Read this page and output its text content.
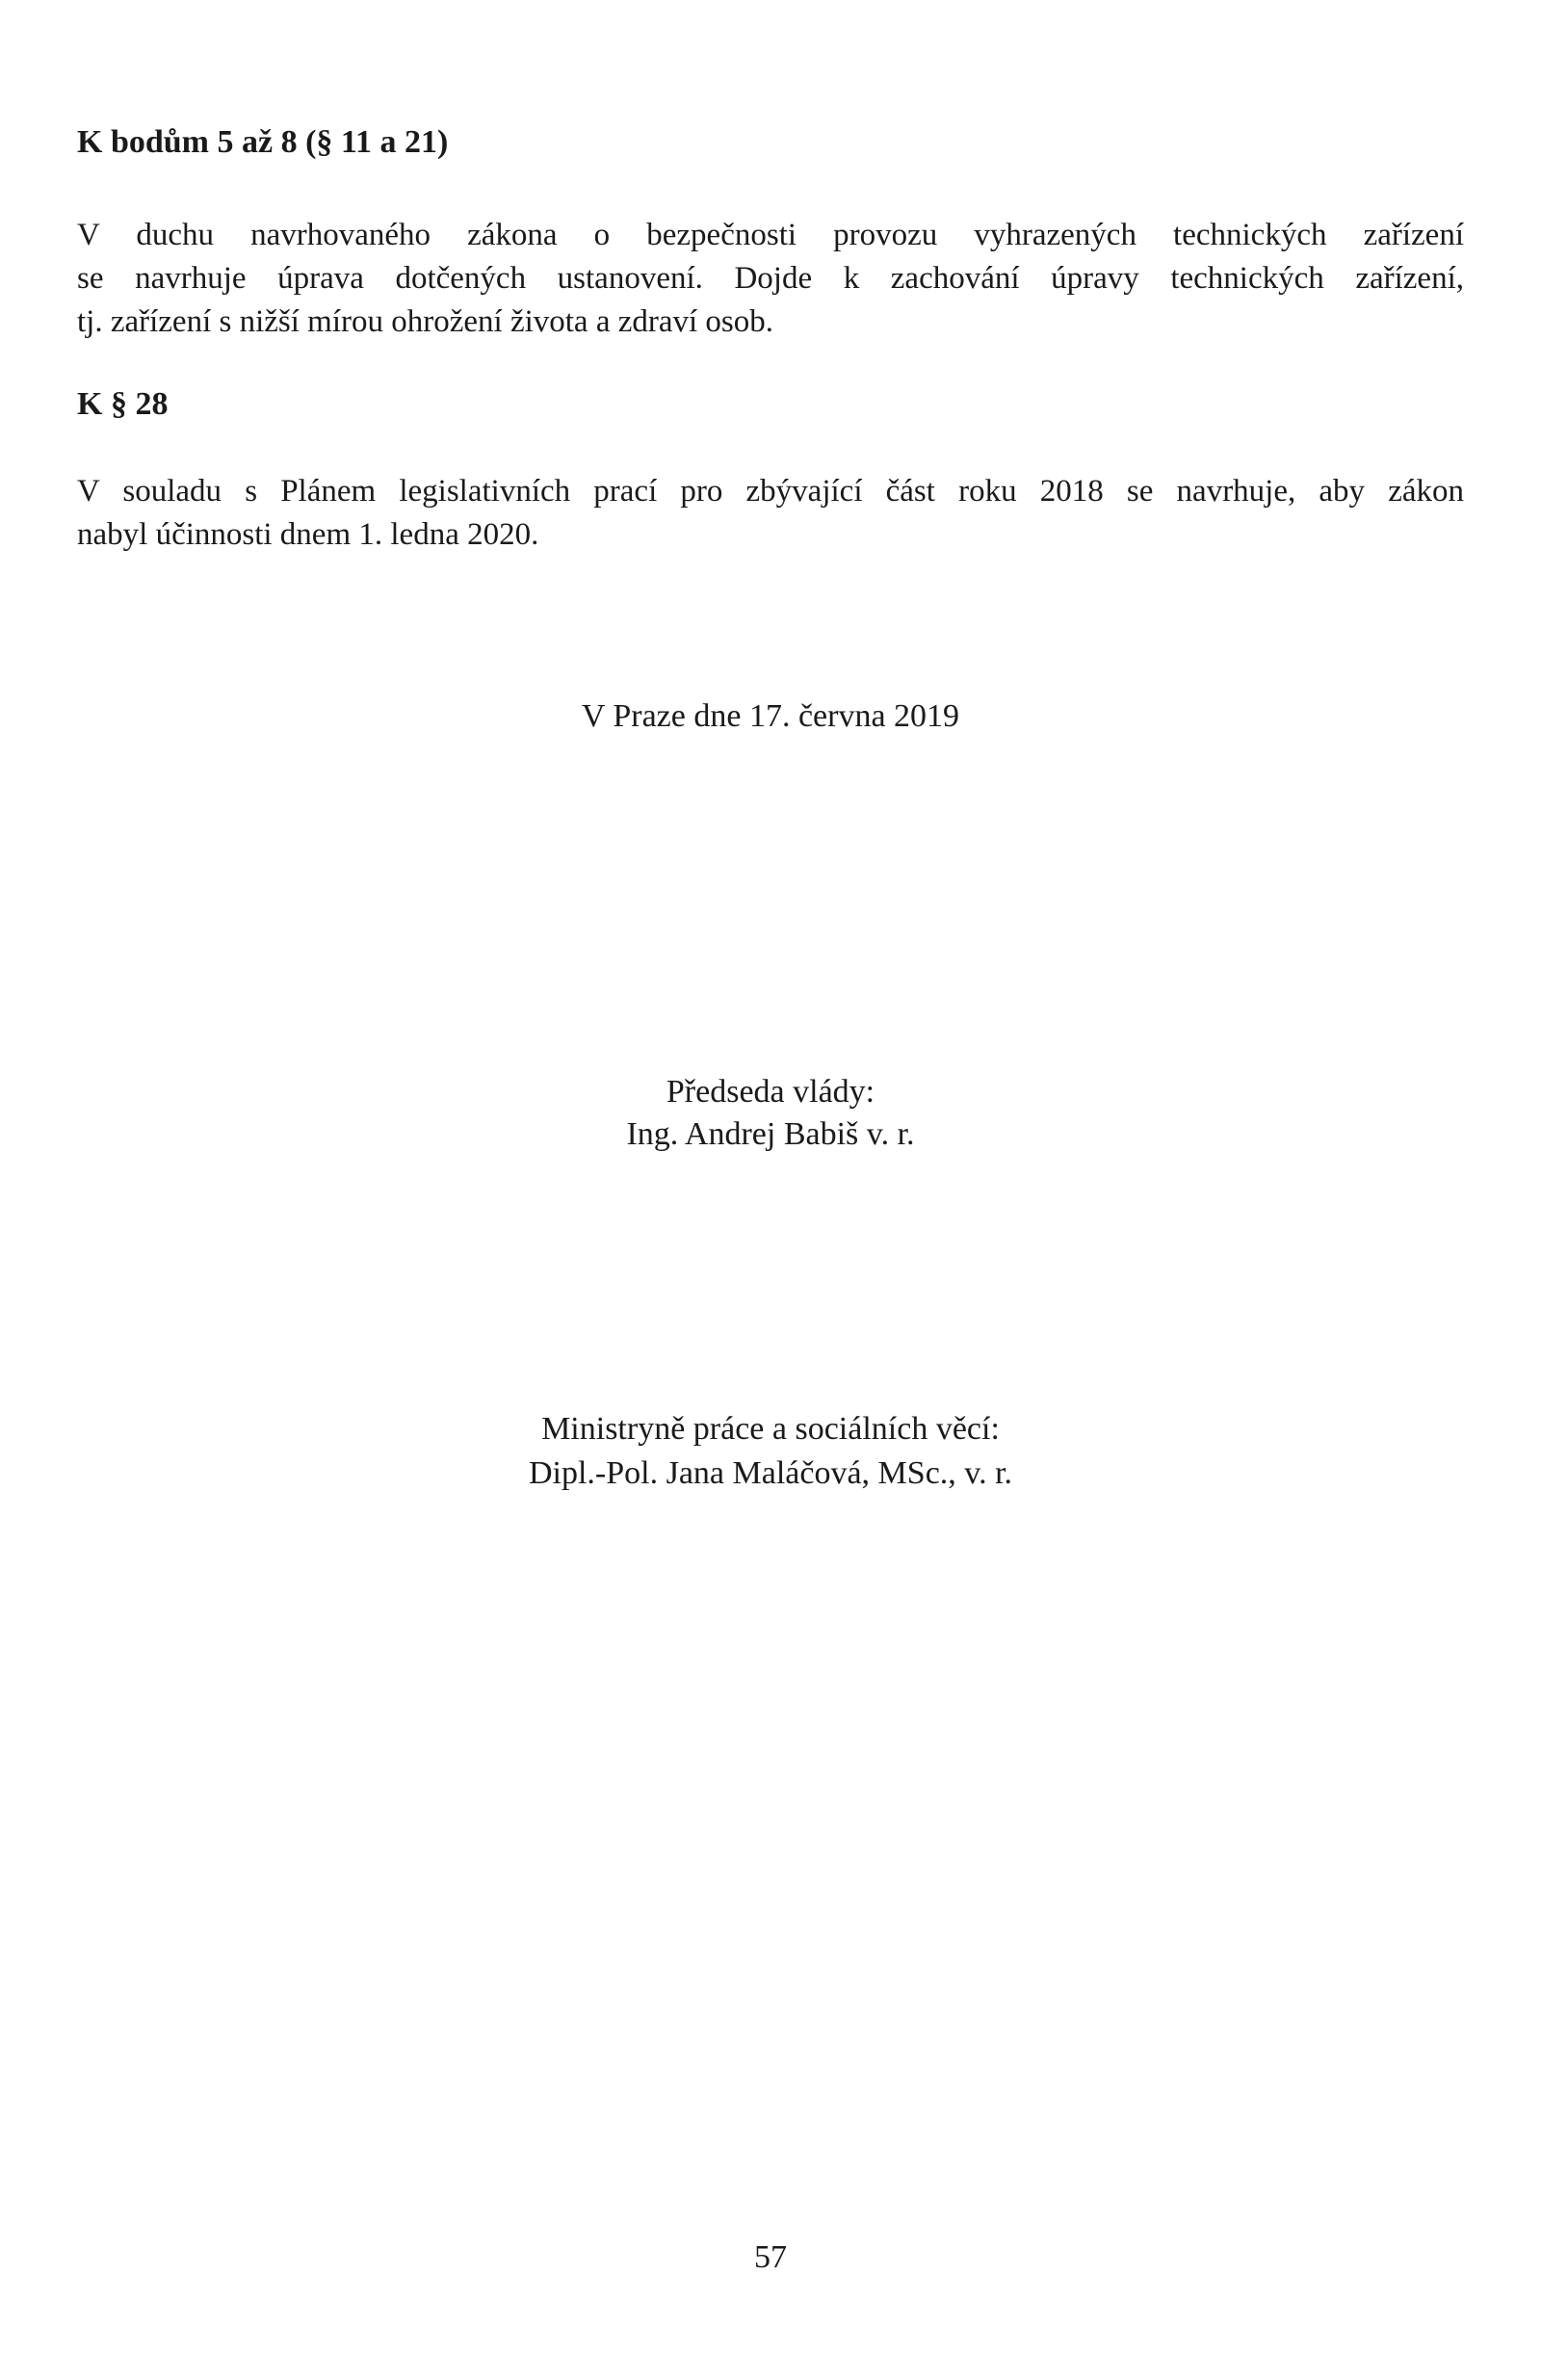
K bodům 5 až 8 (§ 11 a 21)

V duchu navrhovaného zákona o bezpečnosti provozu vyhrazených technických zařízení
se navrhuje úprava dotčených ustanovení. Dojde k zachování úpravy technických zařízení,
tj. zařízení s nižší mírou ohrožení života a zdraví osob.

K § 28

V souladu s Plánem legislativních prací pro zbývající část roku 2018 se navrhuje, aby zákon
nabyl účinnosti dnem 1. ledna 2020.

V Praze dne 17. června 2019

Předseda vlády:

Ing. Andrej Babiš v. r.

Ministryně práce a sociálních věcí:

Dipl.-Pol. Jana Maláčová, MSc., v. r.

57
